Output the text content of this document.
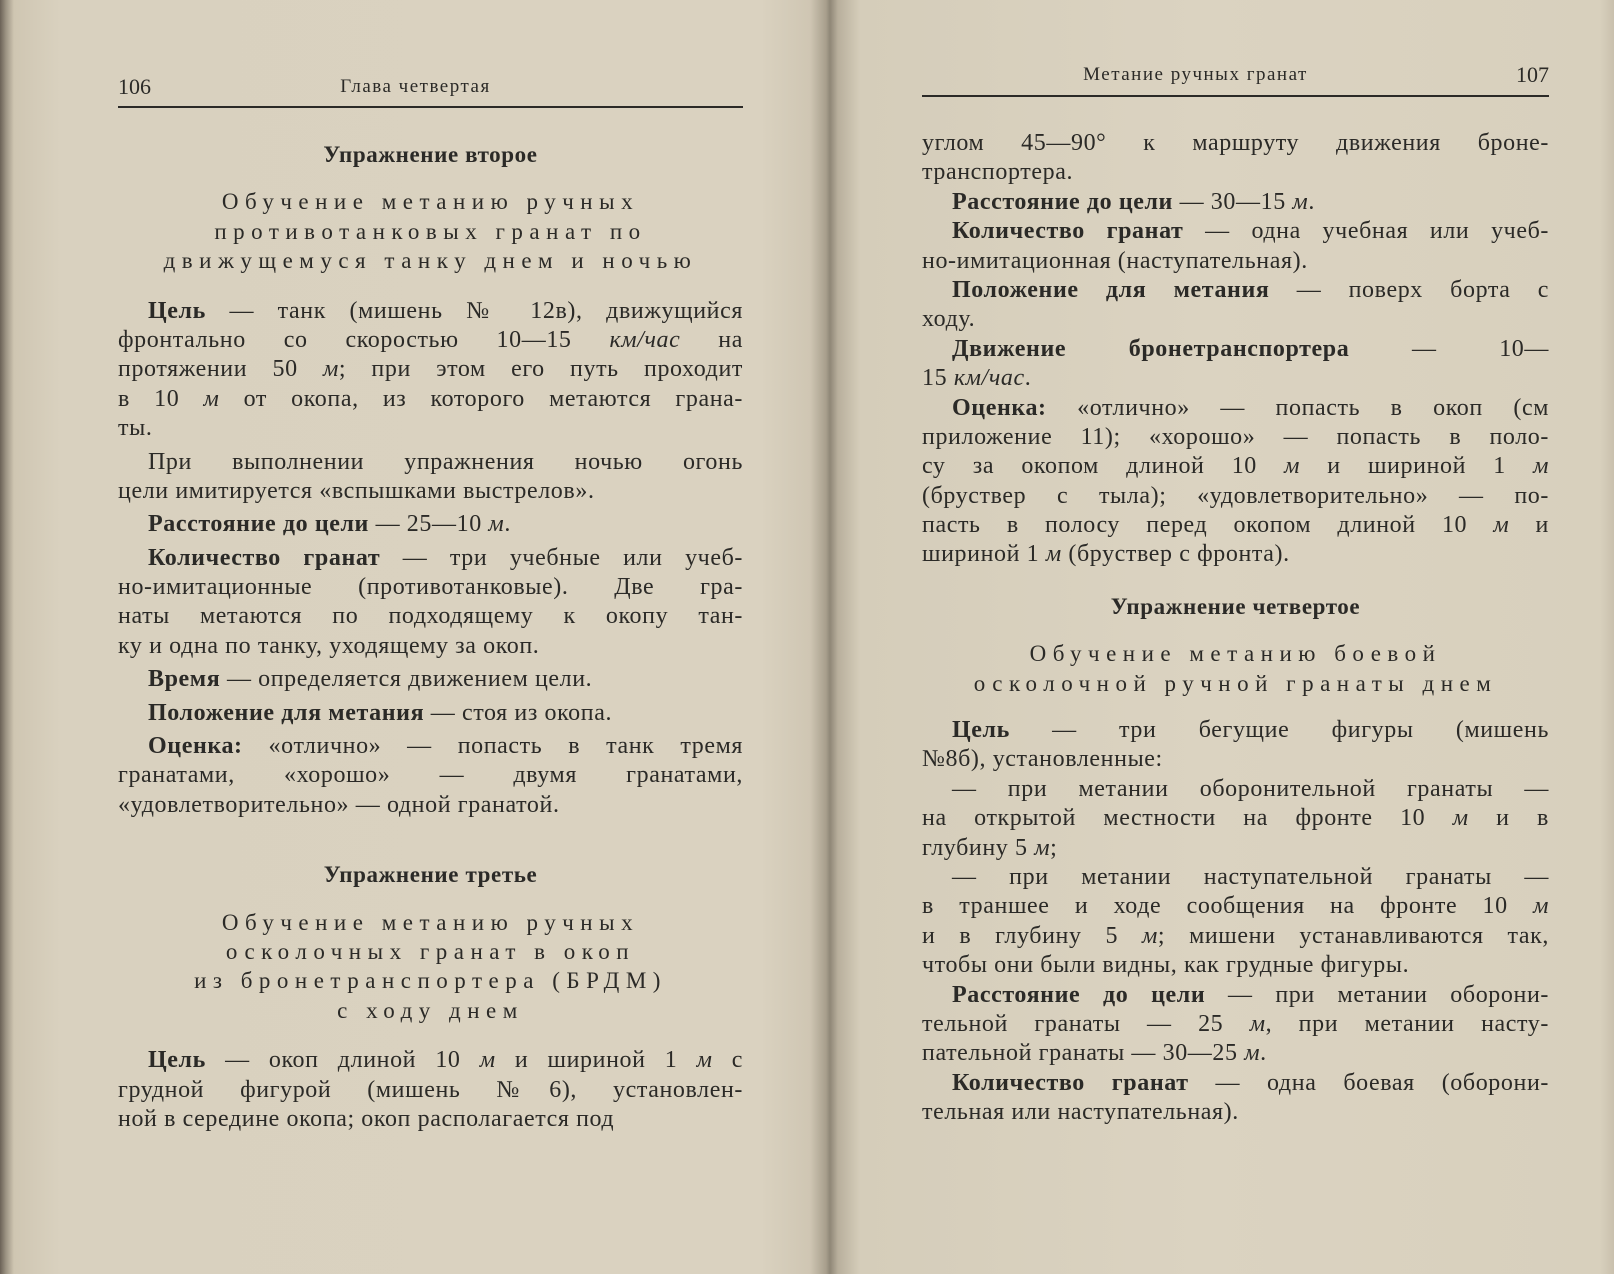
106	Глава четвертая
Упражнение второе
Обучение метанию ручных
противотанковых гранат по
движущемуся танку днем и ночью
Цель — танк (мишень № 12в), движущийся
фронтально со скоростью 10—15 км/час на
протяжении 50 м; при этом его путь проходит
в 10 м от окопа, из которого метаются грана-
ты.
При выполнении упражнения ночью огонь
цели имитируется «вспышками выстрелов».
Расстояние до цели — 25—10 м.
Количество гранат — три учебные или учеб-
но-имитационные (противотанковые). Две гра-
наты метаются по подходящему к окопу тан-
ку и одна по танку, уходящему за окоп.
Время — определяется движением цели.
Положение для метания — стоя из окопа.
Оценка: «отлично» — попасть в танк тремя
гранатами, «хорошо» — двумя гранатами,
«удовлетворительно» — одной гранатой.
Упражнение третье
Обучение метанию ручных
осколочных гранат в окоп
из бронетранспортера (БРДМ)
с ходу днем
Цель — окоп длиной 10 м и шириной 1 м с
грудной фигурой (мишень №6), установлен-
ной в середине окопа; окоп располагается под
Метание ручных гранат	107
углом 45—90° к маршруту движения броне-
транспортера.
Расстояние до цели — 30—15 м.
Количество гранат — одна учебная или учеб-
но-имитационная (наступательная).
Положение для метания — поверх борта с
ходу.
Движение бронетранспортера — 10—
15 км/час.
Оценка: «отлично» — попасть в окоп (см
приложение 11); «хорошо» — попасть в поло-
су за окопом длиной 10 м и шириной 1 м
(бруствер с тыла); «удовлетворительно» — по-
пасть в полосу перед окопом длиной 10 м и
шириной 1 м (бруствер с фронта).
Упражнение четвертое
Обучение метанию боевой
осколочной ручной гранаты днем
Цель — три бегущие фигуры (мишень
№8б), установленные:
— при метании оборонительной гранаты —
на открытой местности на фронте 10 м и в
глубину 5 м;
— при метании наступательной гранаты —
в траншее и ходе сообщения на фронте 10 м
и в глубину 5 м; мишени устанавливаются так,
чтобы они были видны, как грудные фигуры.
Расстояние до цели — при метании оборони-
тельной гранаты — 25 м, при метании насту-
пательной гранаты — 30—25 м.
Количество гранат — одна боевая (оборони-
тельная или наступательная).
